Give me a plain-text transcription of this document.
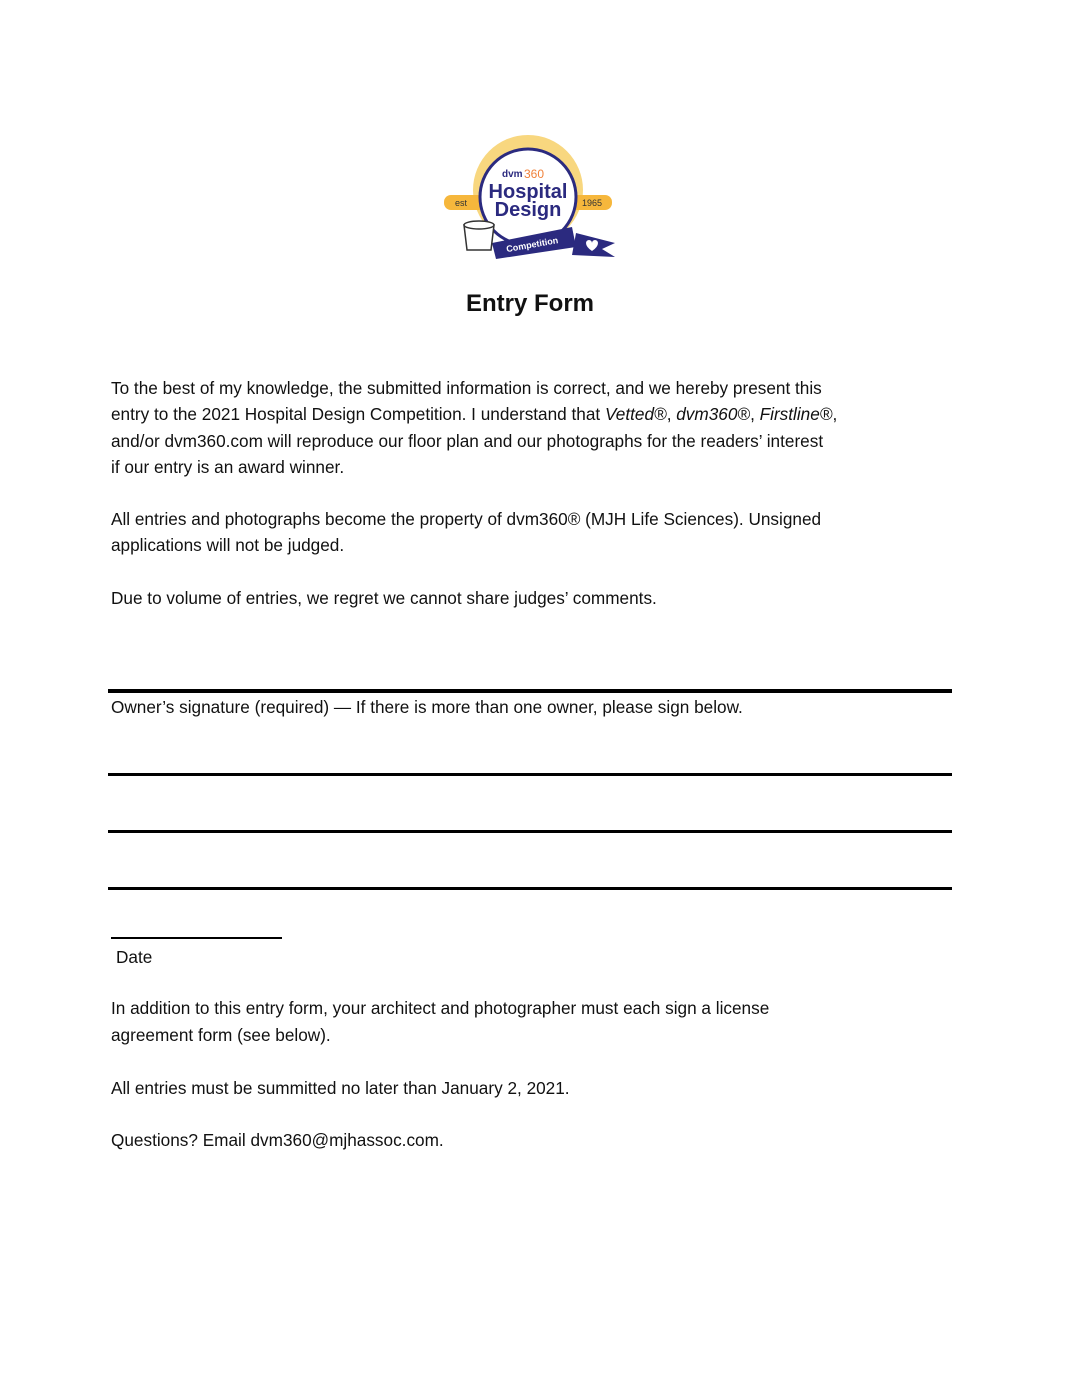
est	1965
dvm 360
Hospital
Design
Competition
Entry Form
To the best of my knowledge, the submitted information is correct, and we hereby present this
entry to the 2021 Hospital Design Competition. I understand that Vetted®, dvm360®, Firstline®,
and/or dvm360.com will reproduce our floor plan and our photographs for the readers’ interest
if our entry is an award winner.
All entries and photographs become the property of dvm360® (MJH Life Sciences). Unsigned
applications will not be judged.
Due to volume of entries, we regret we cannot share judges’ comments.
Owner’s signature (required) — If there is more than one owner, please sign below.
Date
In addition to this entry form, your architect and photographer must each sign a license
agreement form (see below).
All entries must be summitted no later than January 2, 2021.
Questions? Email dvm360@mjhassoc.com.
